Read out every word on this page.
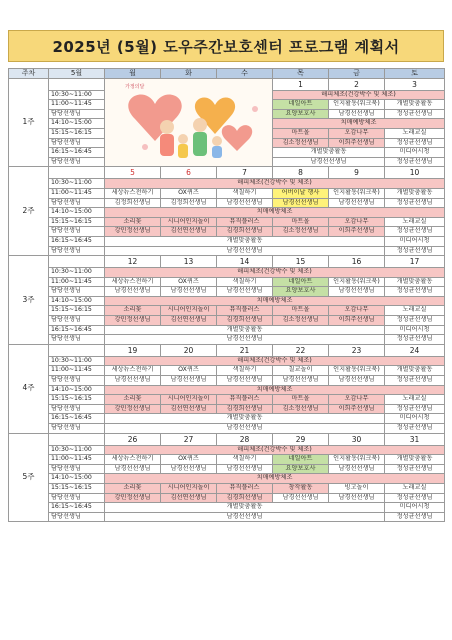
2025년 (5월) 도우주간보호센터 프로그램 계획서
주차	5월	월	화	수	목	금	토
1주		가정의달			1	2	3
	10:30~11:00				해피체조(건강박수 및 체조)		
	11:00~11:45				네일아트	인지활동(워크북)	개별맞춤활동
	담당선생님				요양보호사	남경선선생님	정성균선생님
	14:10~15:00				치매예방체조		
	15:15~16:15				마트몰	오감나무	노래교실
	담당선생님				김소정선생님	이희주선생님	정성균선생님
	16:15~16:45				개별맞춤활동		미디어시청
	담당선생님				남경선선생님		정성균선생님
2주		5	6	7	8	9	10
	10:30~11:00	해피체조(건강박수 및 체조)					
	11:00~11:45	세상뉴스전하기	OX퀴즈	색칠하기	어버이날 행사	인지활동(워크북)	개별맞춤활동
	담당선생님	김정희선생님	김정희선생님	남경선선생님	남경선선생님	남경선선생님	정성균선생님
	14:10~15:00	치매예방체조					
	15:15~16:15	소리꽃	시니어인지놀이	뮤직플러스	마트몰	오감나무	노래교실
	담당선생님	강민정선생님	김선연선생님	김경희선생님	김소정선생님	이희주선생님	정성균선생님
	16:15~16:45	개별맞춤활동					미디어시청
	담당선생님	남경선선생님					정성균선생님
3주		12	13	14	15	16	17
	10:30~11:00	해피체조(건강박수 및 체조)					
	11:00~11:45	세상뉴스전하기	OX퀴즈	색칠하기	네일아트	인지활동(워크북)	개별맞춤활동
	담당선생님	남경선선생님	남경선선생님	남경선선생님	요양보호사	남경선선생님	정성균선생님
	14:10~15:00	치매예방체조					
	15:15~16:15	소리꽃	시니어인지놀이	뮤직플러스	마트몰	오감나무	노래교실
	담당선생님	강민정선생님	김선연선생님	김경희선생님	김소정선생님	이희주선생님	정성균선생님
	16:15~16:45	개별맞춤활동					미디어시청
	담당선생님	남경선선생님					정성균선생님
4주		19	20	21	22	23	24
	10:30~11:00	해피체조(건강박수 및 체조)					
	11:00~11:45	세상뉴스전하기	OX퀴즈	색칠하기	칠교놀이	인지활동(워크북)	개별맞춤활동
	담당선생님	남경선선생님	남경선선생님	남경선선생님	남경선선생님	남경선선생님	정성균선생님
	14:10~15:00	치매예방체조					
	15:15~16:15	소리꽃	시니어인지놀이	뮤직플러스	마트몰	오감나무	노래교실
	담당선생님	강민정선생님	김선연선생님	김경희선생님	김소정선생님	이희주선생님	정성균선생님
	16:15~16:45	개별맞춤활동					미디어시청
	담당선생님	남경선선생님					정성균선생님
5주		26	27	28	29	30	31
	10:30~11:00	해피체조(건강박수 및 체조)					
	11:00~11:45	세상뉴스전하기	OX퀴즈	색칠하기	네일아트	인지활동(워크북)	개별맞춤활동
	담당선생님	남경선선생님	남경선선생님	남경선선생님	요양보호사	남경선선생님	정성균선생님
	14:10~15:00	치매예방체조					
	15:15~16:15	소리꽃	시니어인지놀이	뮤직플러스	창작활동	빙고놀이	노래교실
	담당선생님	강민정선생님	김선연선생님	김경희선생님	남경선선생님	남경선선생님	정성균선생님
	16:15~16:45	개별맞춤활동					미디어시청
	담당선생님	남경선선생님					정성균선생님
